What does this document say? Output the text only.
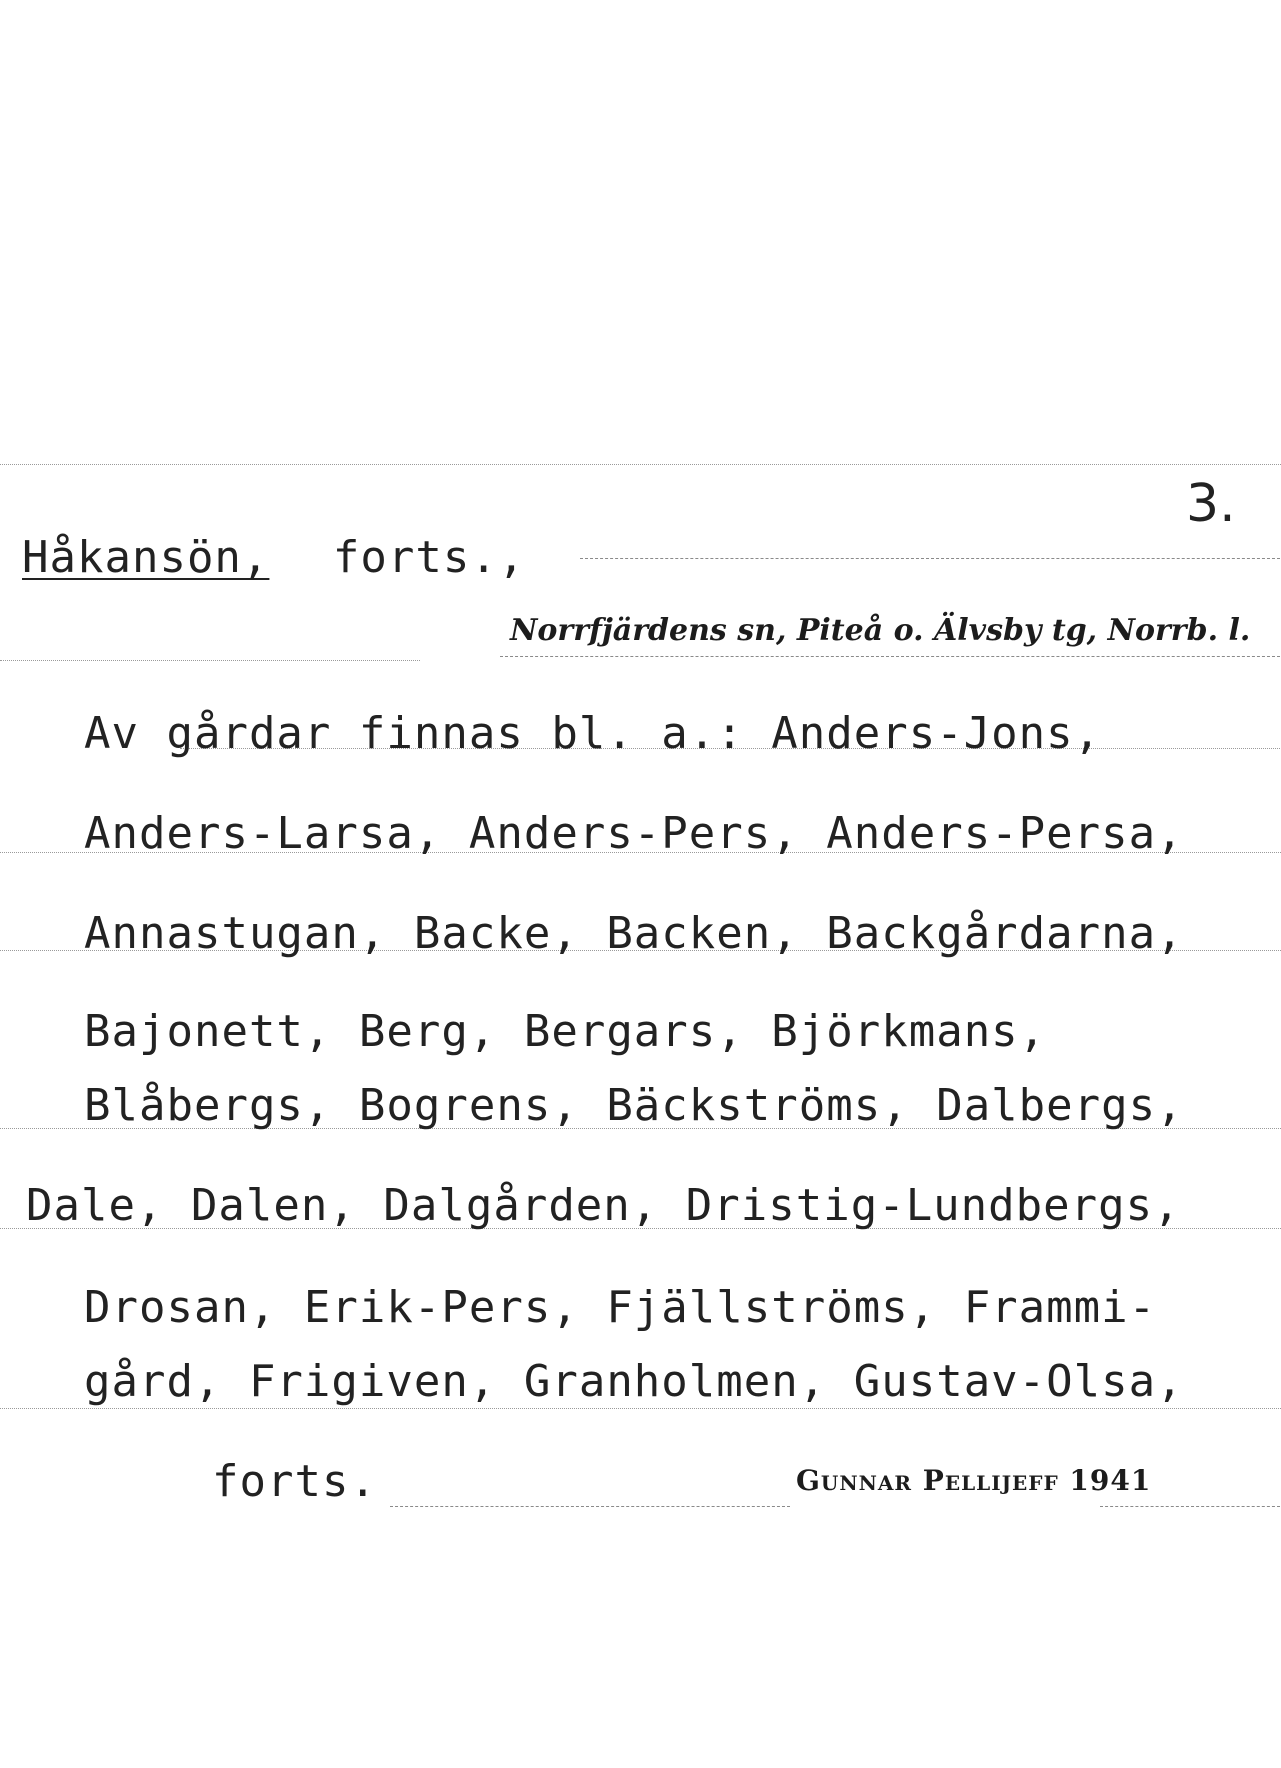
3.
Håkansön, forts.,
Norrfjärdens sn, Piteå o. Älvsby tg, Norrb. l.
Av gårdar finnas bl. a.: Anders-Jons,
Anders-Larsa, Anders-Pers, Anders-Persa,
Annastugan, Backe, Backen, Backgårdarna,
Bajonett, Berg, Bergars, Björkmans,
Blåbergs, Bogrens, Bäckströms, Dalbergs,
Dale, Dalen, Dalgården, Dristig-Lundbergs,
Drosan, Erik-Pers, Fjällströms, Frammi-
gård, Frigiven, Granholmen, Gustav-Olsa,
forts.	Gunnar Pellijeff 1941
